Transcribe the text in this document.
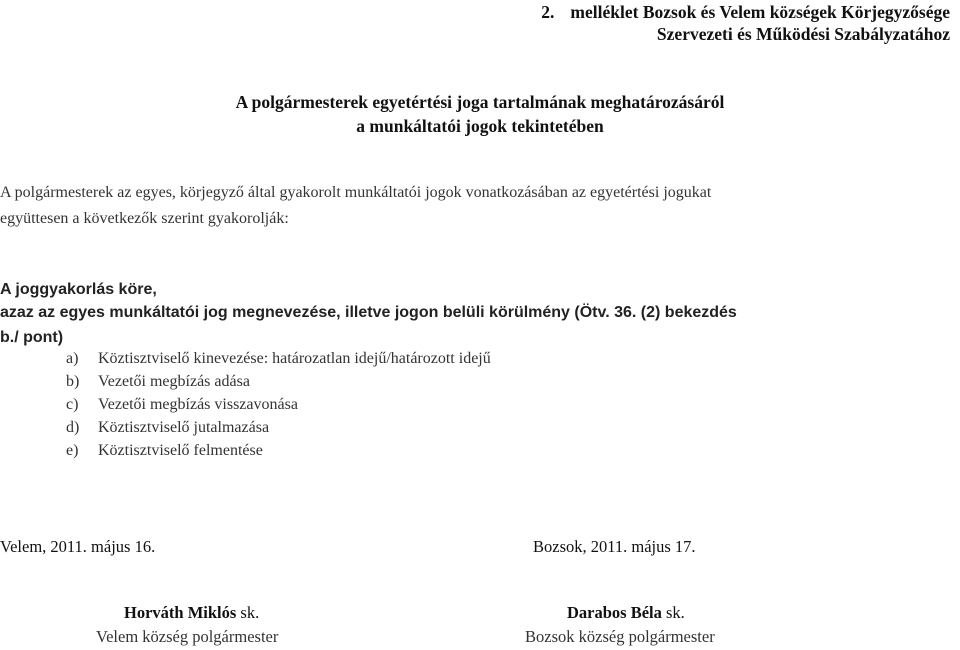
2. melléklet Bozsok és Velem községek Körjegyzősége
Szervezeti és Működési Szabályzatához
A polgármesterek egyetértési joga tartalmának meghatározásáról
a munkáltatói jogok tekintetében
A polgármesterek az egyes, körjegyző által gyakorolt munkáltatói jogok vonatkozásában az egyetértési jogukat
együttesen a következők szerint gyakorolják:
A joggyakorlás köre,
azaz az egyes munkáltatói jog megnevezése, illetve jogon belüli körülmény (Ötv. 36. (2) bekezdés
b./ pont)
a) Köztisztviselő kinevezése: határozatlan idejű/határozott idejű
b) Vezetői megbízás adása
c) Vezetői megbízás visszavonása
d) Köztisztviselő jutalmazása
e) Köztisztviselő felmentése
Velem, 2011. május 16.	Bozsok, 2011. május 17.
Horváth Miklós sk.	Darabos Béla sk.
Velem község polgármester	Bozsok község polgármester
